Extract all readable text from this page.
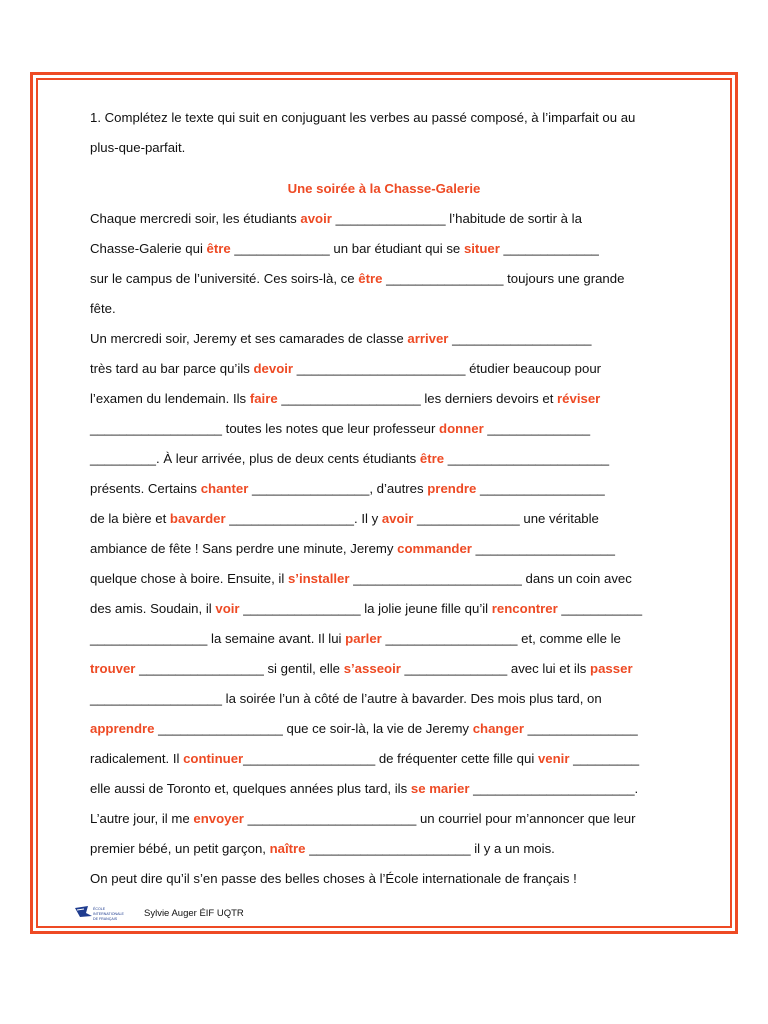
1. Complétez le texte qui suit en conjuguant les verbes au passé composé, à l’imparfait ou au
plus-que-parfait.
Une soirée à la Chasse-Galerie
Chaque mercredi soir, les étudiants avoir _______________ l’habitude de sortir à la
Chasse-Galerie qui être _____________ un bar étudiant qui se situer _____________
sur le campus de l’université. Ces soirs-là, ce être ________________ toujours une grande
fête.
Un mercredi soir, Jeremy et ses camarades de classe arriver ___________________
très tard au bar parce qu’ils devoir _______________________ étudier beaucoup pour
l’examen du lendemain. Ils faire ___________________ les derniers devoirs et réviser
__________________ toutes les notes que leur professeur donner ______________
_________. À leur arrivée, plus de deux cents étudiants être ______________________
présents. Certains chanter ________________, d’autres prendre _________________
de la bière et bavarder _________________. Il y avoir ______________ une véritable
ambiance de fête ! Sans perdre une minute, Jeremy commander ___________________
quelque chose à boire. Ensuite, il s’installer _______________________ dans un coin avec
des amis. Soudain, il voir ________________ la jolie jeune fille qu’il rencontrer ___________
________________ la semaine avant. Il lui parler __________________ et, comme elle le
trouver _________________ si gentil, elle s’asseoir ______________ avec lui et ils passer
__________________ la soirée l’un à côté de l’autre à bavarder. Des mois plus tard, on
apprendre _________________ que ce soir-là, la vie de Jeremy changer _______________
radicalement. Il continuer__________________ de fréquenter cette fille qui venir _________
elle aussi de Toronto et, quelques années plus tard, ils se marier ______________________.
L’autre jour, il me envoyer _______________________ un courriel pour m’annoncer que leur
premier bébé, un petit garçon, naître ______________________ il y a un mois.
On peut dire qu’il s’en passe des belles choses à l’École internationale de français !
ÉCOLE
INTERNATIONALE
DE FRANÇAIS	Sylvie Auger ÉIF UQTR
